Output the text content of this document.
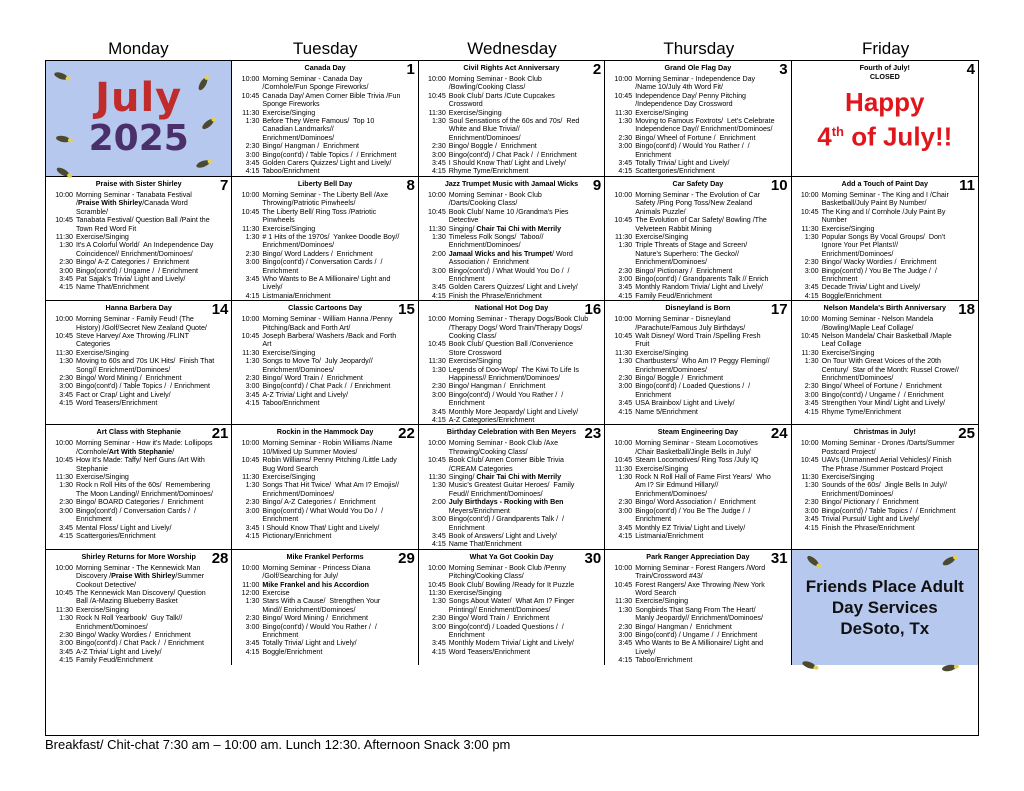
Monday	Tuesday	Wednesday	Thursday	Friday
July
2025
1
Canada Day
10:00 Morning Seminar - Canada Day
/Cornhole/Fun Sponge Fireworks/
10:45 Canada Day/ Amen Corner Bible Trivia /Fun
Sponge Fireworks
11:30 Exercise/Singing
1:30 Before They Were Famous/  Top 10
Canadian Landmarks//
Enrichment/Dominoes/
2:30 Bingo/ Hangman /  Enrichment
3:00 Bingo(cont'd) / Table Topics /  / Enrichment
3:45 Golden Carers Quizzes/ Light and Lively/
4:15 Taboo/Enrichment
2
Civil Rights Act Anniversary
10:00 Morning Seminar - Book Club
/Bowling/Cooking Class/
10:45 Book Club/ Darts /Cute Cupcakes
Crossword
11:30 Exercise/Singing
1:30 Soul Sensations of the 60s and 70s/  Red
White and Blue Trivia//
Enrichment/Dominoes/
2:30 Bingo/ Boggle /  Enrichment
3:00 Bingo(cont'd) / Chat Pack /  / Enrichment
3:45 I Should Know That/ Light and Lively/
4:15 Rhyme Tyme/Enrichment
3
Grand Ole Flag Day
10:00 Morning Seminar - Independence Day
/Name 10/July 4th Word Fit/
10:45 Independence Day/ Penny Pitching
/Independence Day Crossword
11:30 Exercise/Singing
1:30 Moving to Famous Foxtrots/  Let's Celebrate
Independence Day// Enrichment/Dominoes/
2:30 Bingo/ Wheel of Fortune /  Enrichment
3:00 Bingo(cont'd) / Would You Rather /  /
Enrichment
3:45 Totally Trivia/ Light and Lively/
4:15 Scattergories/Enrichment
4
Fourth of July!
CLOSED
Happy
4th of July!!
7
Praise with Sister Shirley
10:00 Morning Seminar - Tanabata Festival
/Praise With Shirley/Canada Word
Scramble/
10:45 Tanabata Festival/ Question Ball /Paint the
Town Red Word Fit
11:30 Exercise/Singing
1:30 It's A Colorful World/  An Independence Day
Coincidence// Enrichment/Dominoes/
2:30 Bingo/ A-Z Categories /  Enrichment
3:00 Bingo(cont'd) / Ungame /  / Enrichment
3:45 Pat Sajak's Trivia/ Light and Lively/
4:15 Name That/Enrichment
8
Liberty Bell Day
10:00 Morning Seminar - The Liberty Bell /Axe
Throwing/Patriotic Pinwheels/
10:45 The Liberty Bell/ Ring Toss /Patriotic
Pinwheels
11:30 Exercise/Singing
1:30 # 1 Hits of the 1970s/  Yankee Doodle Boy//
Enrichment/Dominoes/
2:30 Bingo/ Word Ladders /  Enrichment
3:00 Bingo(cont'd) / Conversation Cards /  /
Enrichment
3:45 Who Wants to Be A Millionaire/ Light and
Lively/
4:15 Listmania/Enrichment
9
Jazz Trumpet Music with Jamaal Wicks
10:00 Morning Seminar - Book Club
/Darts/Cooking Class/
10:45 Book Club/ Name 10 /Grandma's Pies
Detective
11:30 Singing/ Chair Tai Chi with Merrily
1:30 Timeless Folk Songs/  Taboo//
Enrichment/Dominoes/
2:00 Jamaal Wicks and his Trumpet/ Word
Association /  Enrichment
3:00 Bingo(cont'd) / What Would You Do /  /
Enrichment
3:45 Golden Carers Quizzes/ Light and Lively/
4:15 Finish the Phrase/Enrichment
10
Car Safety Day
10:00 Morning Seminar - The Evolution of Car
Safety /Ping Pong Toss/New Zealand
Animals Puzzle/
10:45 The Evolution of Car Safety/ Bowling /The
Velveteen Rabbit Mining
11:30 Exercise/Singing
1:30 Triple Threats of Stage and Screen/
Nature's Superhero: The Gecko//
Enrichment/Dominoes/
2:30 Bingo/ Pictionary /  Enrichment
3:00 Bingo(cont'd) / Grandparents Talk // Enrich
3:45 Monthly Random Trivia/ Light and Lively/
4:15 Family Feud/Enrichment
11
Add a Touch of Paint Day
10:00 Morning Seminar - The King and I /Chair
Basketball/July Paint By Number/
10:45 The King and I/ Cornhole /July Paint By
Number
11:30 Exercise/Singing
1:30 Popular Songs By Vocal Groups/  Don't
Ignore Your Pet Plants!//
Enrichment/Dominoes/
2:30 Bingo/ Wacky Wordies /  Enrichment
3:00 Bingo(cont'd) / You Be The Judge /  /
Enrichment
3:45 Decade Trivia/ Light and Lively/
4:15 Boggle/Enrichment
14
Hanna Barbera Day
10:00 Morning Seminar - Family Feud! (The
History) /Golf/Secret New Zealand Quote/
10:45 Steve Harvey/ Axe Throwing /FLINT
Categories
11:30 Exercise/Singing
1:30 Moving to 60s and 70s UK Hits/  Finish That
Song// Enrichment/Dominoes/
2:30 Bingo/ Word Mining /  Enrichment
3:00 Bingo(cont'd) / Table Topics /  / Enrichment
3:45 Fact or Crap/ Light and Lively/
4:15 Word Teasers/Enrichment
15
Classic Cartoons Day
10:00 Morning Seminar - William Hanna /Penny
Pitching/Back and Forth Art/
10:45 Joseph Barbera/ Washers /Back and Forth
Art
11:30 Exercise/Singing
1:30 Songs to Move To/  July Jeopardy//
Enrichment/Dominoes/
2:30 Bingo/ Word Train /  Enrichment
3:00 Bingo(cont'd) / Chat Pack /  / Enrichment
3:45 A-Z Trivia/ Light and Lively/
4:15 Taboo/Enrichment
16
National Hot Dog Day
10:00 Morning Seminar - Therapy Dogs/Book Club
/Therapy Dogs/ Word Train/Therapy Dogs/
Cooking Class/
10:45 Book Club/ Question Ball /Convenience
Store Crossword
11:30 Exercise/Singing
1:30 Legends of Doo-Wop/  The Kiwi To Life Is
Happiness// Enrichment/Dominoes/
2:30 Bingo/ Hangman /  Enrichment
3:00 Bingo(cont'd) / Would You Rather /  /
Enrichment
3:45 Monthly More Jeopardy/ Light and Lively/
4:15 A-Z Categories/Enrichment
17
Disneyland is Born
10:00 Morning Seminar - Disneyland
/Parachute/Famous July Birthdays/
10:45 Walt Disney/ Word Train /Spelling Fresh
Fruit
11:30 Exercise/Singing
1:30 Chartbusters/  Who Am I? Peggy Fleming//
Enrichment/Dominoes/
2:30 Bingo/ Boggle /  Enrichment
3:00 Bingo(cont'd) / Loaded Questions /  /
Enrichment
3:45 USA Brainbox/ Light and Lively/
4:15 Name 5/Enrichment
18
Nelson Mandela's Birth Anniversary
10:00 Morning Seminar - Nelson Mandela
/Bowling/Maple Leaf Collage/
10:45 Nelson Mandela/ Chair Basketball /Maple
Leaf Collage
11:30 Exercise/Singing
1:30 On Tour With Great Voices of the 20th
Century/  Star of the Month: Russel Crowe//
Enrichment/Dominoes/
2:30 Bingo/ Wheel of Fortune /  Enrichment
3:00 Bingo(cont'd) / Ungame /  / Enrichment
3:45 Strengthen Your Mind/ Light and Lively/
4:15 Rhyme Tyme/Enrichment
21
Art Class with Stephanie
10:00 Morning Seminar - How it's Made: Lollipops
/Cornhole/Art With Stephanie/
10:45 How It's Made: Taffy/ Nerf Guns /Art With
Stephanie
11:30 Exercise/Singing
1:30 Rock n Roll Hits of the 60s/  Remembering
The Moon Landing// Enrichment/Dominoes/
2:30 Bingo/ BOARD Categories /  Enrichment
3:00 Bingo(cont'd) / Conversation Cards /  /
Enrichment
3:45 Mental Floss/ Light and Lively/
4:15 Scattergories/Enrichment
22
Rockin in the Hammock Day
10:00 Morning Seminar - Robin Williams /Name
10/Mixed Up Summer Movies/
10:45 Robin Williams/ Penny Pitching /Little Lady
Bug Word Search
11:30 Exercise/Singing
1:30 Songs That Hit Twice/  What Am I? Emojis//
Enrichment/Dominoes/
2:30 Bingo/ A-Z Categories /  Enrichment
3:00 Bingo(cont'd) / What Would You Do /  /
Enrichment
3:45 I Should Know That/ Light and Lively/
4:15 Pictionary/Enrichment
23
Birthday Celebration with Ben Meyers
10:00 Morning Seminar - Book Club /Axe
Throwing/Cooking Class/
10:45 Book Club/ Amen Corner Bible Trivia
/CREAM Categories
11:30 Singing/ Chair Tai Chi with Merrily
1:30 Music's Greatest Guitar Heroes/  Family
Feud// Enrichment/Dominoes/
2:00 July Birthdays - Rocking with Ben
Meyers/Enrichment
3:00 Bingo(cont'd) / Grandparents Talk /  /
Enrichment
3:45 Book of Answers/ Light and Lively/
4:15 Name That/Enrichment
24
Steam Engineering Day
10:00 Morning Seminar - Steam Locomotives
/Chair Basketball/Jingle Bells in July/
10:45 Steam Locomotives/ Ring Toss /July IQ
11:30 Exercise/Singing
1:30 Rock N Roll Hall of Fame First Years/  Who
Am I? Sir Edmund Hillary//
Enrichment/Dominoes/
2:30 Bingo/ Word Association /  Enrichment
3:00 Bingo(cont'd) / You Be The Judge /  /
Enrichment
3:45 Monthly EZ Trivia/ Light and Lively/
4:15 Listmania/Enrichment
25
Christmas in July!
10:00 Morning Seminar - Drones /Darts/Summer
Postcard Project/
10:45 UAVs (Unmanned Aerial Vehicles)/ Finish
The Phrase /Summer Postcard Project
11:30 Exercise/Singing
1:30 Sounds of the 60s/  Jingle Bells In July//
Enrichment/Dominoes/
2:30 Bingo/ Pictionary /  Enrichment
3:00 Bingo(cont'd) / Table Topics /  / Enrichment
3:45 Trivial Pursuit/ Light and Lively/
4:15 Finish the Phrase/Enrichment
28
Shirley Returns for More Worship
10:00 Morning Seminar - The Kennewick Man
Discovery /Praise With Shirley/Summer
Cookout Detective/
10:45 The Kennewick Man Discovery/ Question
Ball /A-Mazing Blueberry Basket
11:30 Exercise/Singing
1:30 Rock N Roll Yearbook/  Guy Talk//
Enrichment/Dominoes/
2:30 Bingo/ Wacky Wordies /  Enrichment
3:00 Bingo(cont'd) / Chat Pack /  / Enrichment
3:45 A-Z Trivia/ Light and Lively/
4:15 Family Feud/Enrichment
29
Mike Frankel Performs
10:00 Morning Seminar - Princess Diana
/Golf/Searching for July/
11:00 Mike Frankel and his Accordion
12:00 Exercise
1:30 Stars With a Cause/  Strengthen Your
Mind// Enrichment/Dominoes/
2:30 Bingo/ Word Mining /  Enrichment
3:00 Bingo(cont'd) / Would You Rather /  /
Enrichment
3:45 Totally Trivia/ Light and Lively/
4:15 Boggle/Enrichment
30
What Ya Got Cookin Day
10:00 Morning Seminar - Book Club /Penny
Pitching/Cooking Class/
10:45 Book Club/ Bowling /Ready for It Puzzle
11:30 Exercise/Singing
1:30 Songs About Water/  What Am I? Finger
Printing// Enrichment/Dominoes/
2:30 Bingo/ Word Train /  Enrichment
3:00 Bingo(cont'd) / Loaded Questions /  /
Enrichment
3:45 Monthly Modern Trivia/ Light and Lively/
4:15 Word Teasers/Enrichment
31
Park Ranger Appreciation Day
10:00 Morning Seminar - Forest Rangers /Word
Train/Crossword #43/
10:45 Forest Rangers/ Axe Throwing /New York
Word Search
11:30 Exercise/Singing
1:30 Songbirds That Sang From The Heart/
Manly Jeopardy// Enrichment/Dominoes/
2:30 Bingo/ Hangman /  Enrichment
3:00 Bingo(cont'd) / Ungame /  / Enrichment
3:45 Who Wants to Be A Millionaire/ Light and
Lively/
4:15 Taboo/Enrichment
Friends Place Adult
Day Services
DeSoto, Tx
Breakfast/ Chit-chat 7:30 am – 10:00 am. Lunch 12:30. Afternoon Snack 3:00 pm
